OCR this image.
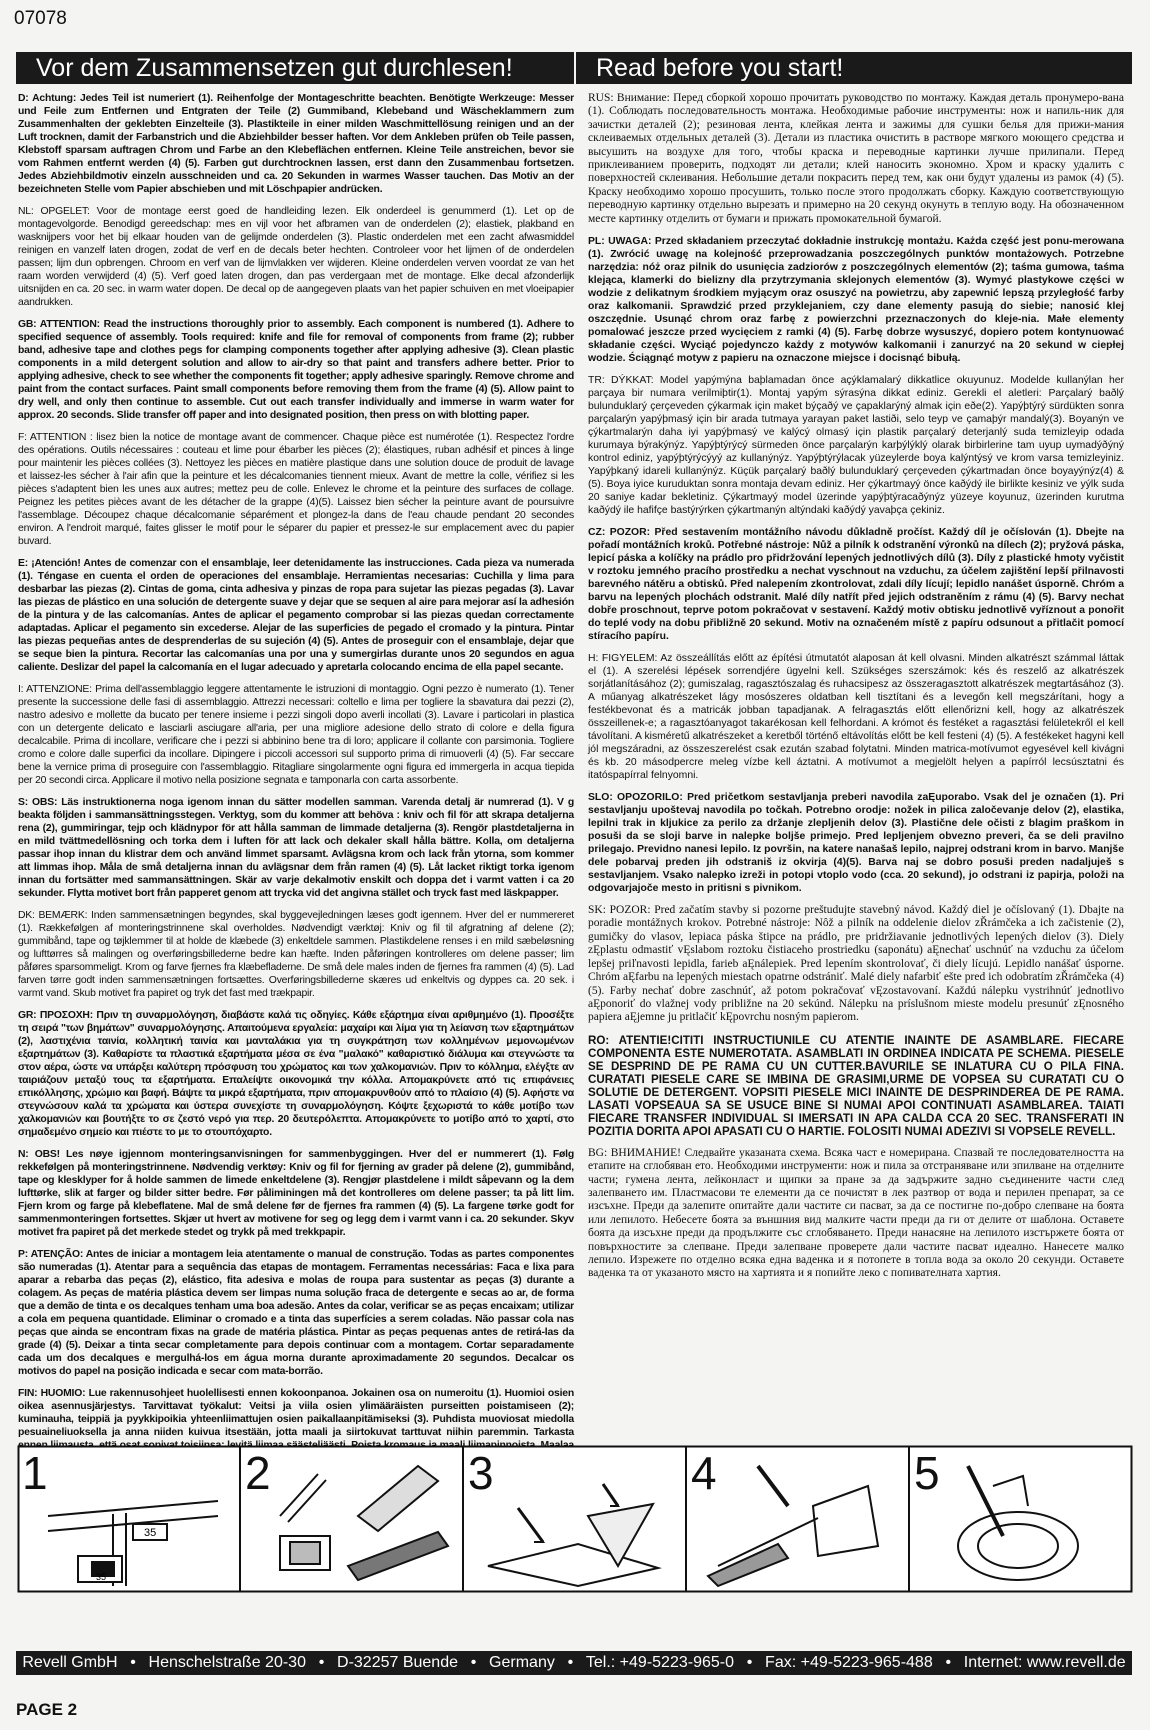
07078
Vor dem Zusammensetzen gut durchlesen!	Read before you start!

D: Achtung: Jedes Teil ist numeriert (1). Reihenfolge der Montageschritte beachten. Benötigte Werkzeuge: Messer und Feile zum Entfernen und Entgraten der Teile (2) Gummiband, Klebeband und Wäscheklammern zum Zusammenhalten der geklebten Einzelteile (3). Plastikteile in einer milden Waschmittellösung reinigen und an der Luft trocknen, damit der Farbanstrich und die Abziehbilder besser haften. Vor dem Ankleben prüfen ob Teile passen, Klebstoff sparsam auftragen Chrom und Farbe an den Klebeflächen entfernen. Kleine Teile anstreichen, bevor sie vom Rahmen entfernt werden (4) (5). Farben gut durchtrocknen lassen, erst dann den Zusammenbau fortsetzen. Jedes Abziehbildmotiv einzeln ausschneiden und ca. 20 Sekunden in warmes Wasser tauchen. Das Motiv an der bezeichneten Stelle vom Papier abschieben und mit Löschpapier andrücken.

NL: OPGELET: Voor de montage eerst goed de handleiding lezen. Elk onderdeel is genummerd (1). Let op de montagevolgorde. Benodigd gereedschap: mes en vijl voor het afbramen van de onderdelen (2); elastiek, plakband en wasknijpers voor het bij elkaar houden van de gelijmde onderdelen (3). Plastic onderdelen met een zacht afwasmiddel reinigen en vanzelf laten drogen, zodat de verf en de decals beter hechten. Controleer voor het lijmen of de onderdelen passen; lijm dun opbrengen. Chroom en verf van de lijmvlakken ver wijderen. Kleine onderdelen verven voordat ze van het raam worden verwijderd (4) (5). Verf goed laten drogen, dan pas verdergaan met de montage. Elke decal afzonderlijk uitsnijden en ca. 20 sec. in warm water dopen. De decal op de aangegeven plaats van het papier schuiven en met vloeipapier aandrukken.

GB: ATTENTION: Read the instructions thoroughly prior to assembly. Each component is numbered (1). Adhere to specified sequence of assembly. Tools required: knife and file for removal of components from frame (2); rubber band, adhesive tape and clothes pegs for clamping components together after applying adhesive (3). Clean plastic components in a mild detergent solution and allow to air-dry so that paint and transfers adhere better. Prior to applying adhesive, check to see whether the components fit together; apply adhesive sparingly. Remove chrome and paint from the contact surfaces. Paint small components before removing them from the frame (4) (5). Allow paint to dry well, and only then continue to assemble. Cut out each transfer individually and immerse in warm water for approx. 20 seconds. Slide transfer off paper and into designated position, then press on with blotting paper.

F: ATTENTION : lisez bien la notice de montage avant de commencer. Chaque pièce est numérotée (1). Respectez l'ordre des opérations. Outils nécessaires : couteau et lime pour ébarber les pièces (2); élastiques, ruban adhésif et pinces à linge pour maintenir les pièces collées (3). Nettoyez les pièces en matière plastique dans une solution douce de produit de lavage et laissez-les sécher à l'air afin que la peinture et les décalcomanies tiennent mieux. Avant de mettre la colle, vérifiez si les pièces s'adaptent bien les unes aux autres; mettez peu de colle. Enlevez le chrome et la peinture des surfaces de collage. Peignez les petites pièces avant de les détacher de la grappe (4)(5). Laissez bien sécher la peinture avant de poursuivre l'assemblage. Découpez chaque décalcomanie séparément et plongez-la dans de l'eau chaude pendant 20 secondes environ. A l'endroit marqué, faites glisser le motif pour le séparer du papier et pressez-le sur emplacement avec du papier buvard.

E: ¡Atención! Antes de comenzar con el ensamblaje, leer detenidamente las instrucciones. Cada pieza va numerada (1). Téngase en cuenta el orden de operaciones del ensamblaje. Herramientas necesarias: Cuchilla y lima para desbarbar las piezas (2). Cintas de goma, cinta adhesiva y pinzas de ropa para sujetar las piezas pegadas (3). Lavar las piezas de plástico en una solución de detergente suave y dejar que se sequen al aire para mejorar así la adhesión de la pintura y de las calcomanías. Antes de aplicar el pegamento comprobar si las piezas quedan correctamente adaptadas. Aplicar el pegamento sin excederse. Alejar de las superficies de pegado el cromado y la pintura. Pintar las piezas pequeñas antes de desprenderlas de su sujeción (4) (5). Antes de proseguir con el ensamblaje, dejar que se seque bien la pintura. Recortar las calcomanías una por una y sumergirlas durante unos 20 segundos en agua caliente. Deslizar del papel la calcomanía en el lugar adecuado y apretarla colocando encima de ella papel secante.

I: ATTENZIONE: Prima dell'assemblaggio leggere attentamente le istruzioni di montaggio. Ogni pezzo è numerato (1). Tener presente la successione delle fasi di assemblaggio. Attrezzi necessari: coltello e lima per togliere la sbavatura dai pezzi (2), nastro adesivo e mollette da bucato per tenere insieme i pezzi singoli dopo averli incollati (3). Lavare i particolari in plastica con un detergente delicato e lasciarli asciugare all'aria, per una migliore adesione dello strato di colore e della figura decalcabile. Prima di incollare, verificare che i pezzi si abbinino bene tra di loro; applicare il collante con parsimonia. Togliere cromo e colore dalle superfici da incollare. Dipingere i piccoli accessori sul supporto prima di rimuoverli (4) (5). Far seccare bene la vernice prima di proseguire con l'assemblaggio. Ritagliare singolarmente ogni figura ed immergerla in acqua tiepida per 20 secondi circa. Applicare il motivo nella posizione segnata e tamponarla con carta assorbente.

S: OBS: Läs instruktionerna noga igenom innan du sätter modellen samman. Varenda detalj är numrerad (1). V g beakta följden i sammansättningsstegen. Verktyg, som du kommer att behöva : kniv och fil för att skrapa detaljerna rena (2), gummiringar, tejp och klädnypor för att hålla samman de limmade detaljerna (3). Rengör plastdetaljerna in en mild tvättmedellösning och torka dem i luften för att lack och dekaler skall hålla bättre. Kolla, om detaljerna passar ihop innan du klistrar dem och använd limmet sparsamt. Avlägsna krom och lack från ytorna, som kommer att limmas ihop. Måla de små detaljerna innan du avlägsnar dem från ramen (4) (5). Låt lacket riktigt torka igenom innan du fortsätter med sammansättningen. Skär av varje dekalmotiv enskilt och doppa det i varmt vatten i ca 20 sekunder. Flytta motivet bort från papperet genom att trycka vid det angivna stället och tryck fast med läskpapper.

DK: BEMÆRK: Inden sammensætningen begyndes, skal byggevejledningen læses godt igennem. Hver del er nummereret (1). Rækkefølgen af monteringstrinnene skal overholdes. Nødvendigt værktøj: Kniv og fil til afgratning af delene (2); gummibånd, tape og tøjklemmer til at holde de klæbede (3) enkeltdele sammen. Plastikdelene renses i en mild sæbeløsning og lufttørres så malingen og overføringsbillederne bedre kan hæfte. Inden påføringen kontrolleres om delene passer; lim påføres sparsommeligt. Krom og farve fjernes fra klæbefladerne. De små dele males inden de fjernes fra rammen (4) (5). Lad farven tørre godt inden sammensætningen fortsættes. Overføringsbillederne skæres ud enkeltvis og dyppes ca. 20 sek. i varmt vand. Skub motivet fra papiret og tryk det fast med trækpapir.

GR: ΠΡΟΣΟΧΗ: Πριν τη συναρμολόγηση, διαβάστε καλά τις οδηγίες. Κάθε εξάρτημα είναι αριθμημένο (1). Προσέξτε τη σειρά "των βημάτων" συναρμολόγησης. Απαιτούμενα εργαλεία: μαχαίρι και λίμα για τη λείανση των εξαρτημάτων (2), λαστιχένια ταινία, κολλητική ταινία και μανταλάκια για τη συγκράτηση των κολλημένων μεμονωμένων εξαρτημάτων (3). Καθαρίστε τα πλαστικά εξαρτήματα μέσα σε ένα "μαλακό" καθαριστικό διάλυμα και στεγνώστε τα στον αέρα, ώστε να υπάρξει καλύτερη πρόσφυση του χρώματος και των χαλκομανιών. Πριν το κόλλημα, ελέγξτε αν ταιριάζουν μεταξύ τους τα εξαρτήματα. Επαλείψτε οικονομικά την κόλλα. Απομακρύνετε από τις επιφάνειες επικόλλησης, χρώμιο και βαφή. Βάψτε τα μικρά εξαρτήματα, πριν απομακρυνθούν από το πλαίσιο (4) (5). Αφήστε να στεγνώσουν καλά τα χρώματα και ύστερα συνεχίστε τη συναρμολόγηση. Κόψτε ξεχωριστά το κάθε μοτίβο των χαλκομανιών και βουτήξτε το σε ζεστό νερό για περ. 20 δευτερόλεπτα. Απομακρύνετε το μοτίβο από το χαρτί, στο σημαδεμένο σημείο και πιέστε το με το στουπόχαρτο.

N: OBS! Les nøye igjennom monteringsanvisningen for sammenbyggingen. Hver del er nummerert (1). Følg rekkefølgen på monteringstrinnene. Nødvendig verktøy: Kniv og fil for fjerning av grader på delene (2), gummibånd, tape og klesklyper for å holde sammen de limede enkeltdelene (3). Rengjør plastdelene i mildt såpevann og la dem lufttørke, slik at farger og bilder sitter bedre. Før påliminingen må det kontrolleres om delene passer; ta på litt lim. Fjern krom og farge på klebeflatene. Mal de små delene før de fjernes fra rammen (4) (5). La fargene tørke godt for sammenmonteringen fortsettes. Skjær ut hvert av motivene for seg og legg dem i varmt vann i ca. 20 sekunder. Skyv motivet fra papiret på det merkede stedet og trykk på med trekkpapir.

P: ATENÇÃO: Antes de iniciar a montagem leia atentamente o manual de construção. Todas as partes componentes são numeradas (1). Atentar para a sequência das etapas de montagem. Ferramentas necessárias: Faca e lixa para aparar a rebarba das peças (2), elástico, fita adesiva e molas de roupa para sustentar as peças (3) durante a colagem. As peças de matéria plástica devem ser limpas numa solução fraca de detergente e secas ao ar, de forma que a demão de tinta e os decalques tenham uma boa adesão. Antes da colar, verificar se as peças encaixam; utilizar a cola em pequena quantidade. Eliminar o cromado e a tinta das superfícies a serem coladas. Não passar cola nas peças que ainda se encontram fixas na grade de matéria plástica. Pintar as peças pequenas antes de retirá-las da grade (4) (5). Deixar a tinta secar completamente para depois continuar com a montagem. Cortar separadamente cada um dos decalques e mergulhá-los em água morna durante aproximadamente 20 segundos. Decalcar os motivos do papel na posição indicada e secar com mata-borrão.

FIN: HUOMIO: Lue rakennusohjeet huolellisesti ennen kokoonpanoa. Jokainen osa on numeroitu (1). Huomioi osien oikea asennusjärjestys. Tarvittavat työkalut: Veitsi ja viila osien ylimääräisten purseitten poistamiseen (2); kuminauha, teippiä ja pyykkipoikia yhteenliimattujen osien paikallaanpitämiseksi (3). Puhdista muoviosat miedolla pesuaineliuoksella ja anna niiden kuivua itsestään, jotta maali ja siirtokuvat tarttuvat niihin paremmin. Tarkasta

RUS: Внимание: Перед сборкой хорошо прочитать руководство по монтажу. Каждая деталь пронумеро-вана (1). Соблюдать последовательность монтажа. Необходимые рабочие инструменты: нож и напиль-ник для зачистки деталей (2); резиновая лента, клейкая лента и зажимы для сушки белья для прижи-мания склеиваемых отдельных деталей (3). Детали из пластика очистить в растворе мягкого моющего средства и высушить на воздухе для того, чтобы краска и переводные картинки лучше прилипали. Перед приклеиванием проверить, подходят ли детали; клей наносить экономно. Хром и краску удалить с поверхностей склеивания. Небольшие детали покрасить перед тем, как они будут удалены из рамок (4) (5). Краску необходимо хорошо просушить, только после этого продолжать сборку. Каждую соответствующую переводную картинку отдельно вырезать и примерно на 20 секунд окунуть в теплую воду. На обозначенном месте картинку отделить от бумаги и прижать промокательной бумагой.

PL: UWAGA: Przed składaniem przeczytać dokładnie instrukcję montażu. Każda część jest ponu-merowana (1). Zwrócić uwagę na kolejność przeprowadzania poszczególnych punktów montażowych. Potrzebne narzędzia: nóż oraz pilnik do usunięcia zadziorów z poszczególnych elementów (2); taśma gumowa, taśma klejąca, klamerki do bielizny dla przytrzymania sklejonych elementów (3). Wymyć plastykowe części w wodzie z delikatnym środkiem myjącym oraz osuszyć na powietrzu, aby zapewnić lepszą przyległość farby oraz kalkomanii. Sprawdzić przed przyklejaniem, czy dane elementy pasują do siebie; nanosić klej oszczędnie. Usunąć chrom oraz farbę z powierzchni przeznaczonych do kleje-nia. Małe elementy pomalować jeszcze przed wycięciem z ramki (4) (5). Farbę dobrze wysuszyć, dopiero potem kontynuować składanie części. Wyciąć pojedynczo każdy z motywów kalkomanii i zanurzyć na 20 sekund w ciepłej wodzie. Ściągnąć motyw z papieru na oznaczone miejsce i docisnąć bibułą.

TR: DÝKKAT: Model yapýmýna baþlamadan önce açýklamalarý dikkatlice okuyunuz. Modelde kullanýlan her parçaya bir numara verilmiþtir(1). Montaj yapým sýrasýna dikkat ediniz. Gerekli el aletleri: Parçalarý baðlý bulunduklarý çerçeveden çýkarmak için maket býçaðý ve çapaklarýný almak için eðe(2). Yapýþtýrý sürdükten sonra parçalarýn yapýþmasý için bir arada tutmaya yarayan paket lastiði, selo teyp ve çamaþýr mandalý(3). Boyanýn ve çýkartmalarýn daha iyi yapýþmasý ve kalýcý olmasý için plastik parçalarý deterjanlý suda temizleyip odada kurumaya býrakýnýz. Yapýþtýrýcý sürmeden önce parçalarýn karþýlýklý olarak birbirlerine tam uyup uymadýðýný kontrol ediniz, yapýþtýrýcýyý az kullanýnýz. Yapýþtýrýlacak yüzeylerde boya kalýntýsý ve krom varsa temizleyiniz. Yapýþkaný idareli kullanýnýz. Küçük parçalarý baðlý bulunduklarý çerçeveden çýkartmadan önce boyayýnýz(4) & (5). Boya iyice kuruduktan sonra montaja devam ediniz. Her çýkartmayý önce kaðýdý ile birlikte kesiniz ve yýlk suda 20 saniye kadar bekletiniz. Çýkartmayý model üzerinde yapýþtýracaðýnýz yüzeye koyunuz, üzerinden kurutma kaðýdý ile hafifçe bastýrýrken çýkartmanýn altýndaki kaðýdý yavaþça çekiniz.

CZ: POZOR: Před sestavením montážního návodu důkladně pročíst. Každý díl je očíslován (1). Dbejte na pořadí montážních kroků. Potřebné nástroje: Nůž a pilník k odstranění výronků na dílech (2); pryžová páska, lepicí páska a kolíčky na prádlo pro přidržování lepených jednotlivých dílů (3). Díly z plastické hmoty vyčistit v roztoku jemného pracího prostředku a nechat vyschnout na vzduchu, za účelem zajištění lepší přilnavosti barevného nátěru a obtisků. Před nalepením zkontrolovat, zdali díly lícují; lepidlo nanášet úsporně. Chróm a barvu na lepených plochách odstranit. Malé díly natřít před jejich odstraněním z rámu (4) (5). Barvy nechat dobře proschnout, teprve potom pokračovat v sestavení. Každý motiv obtisku jednotlivě vyříznout a ponořit do teplé vody na dobu přibližně 20 sekund. Motiv na označeném místě z papíru odsunout a přitlačit pomocí stíracího papíru.

H: FIGYELEM: Az összeállítás előtt az építési útmutatót alaposan át kell olvasni. Minden alkatrészt számmal láttak el (1). A szerelési lépések sorrendjére ügyelni kell. Szükséges szerszámok: kés és reszelő az alkatrészek sorjátlanításához (2); gumiszalag, ragasztószalag és ruhacsipesz az összeragasztott alkatrészek megtartásához (3). A műanyag alkatrészeket lágy mosószeres oldatban kell tisztítani és a levegőn kell megszárítani, hogy a festékbevonat és a matricák jobban tapadjanak. A felragasztás előtt ellenőrizni kell, hogy az alkatrészek összeillenek-e; a ragasztóanyagot takarékosan kell felhordani. A krómot és festéket a ragasztási felületekről el kell távolítani. A kisméretű alkatrészeket a keretből történő eltávolítás előtt be kell festeni (4) (5). A festékeket hagyni kell jól megszáradni, az összeszerelést csak ezután szabad folytatni. Minden matrica-motívumot egyesével kell kivágni és kb. 20 másodpercre meleg vízbe kell áztatni. A motívumot a megjelölt helyen a papírról lecsúsztatni és itatóspapírral felnyomni.

SLO: OPOZORILO: Pred pričetkom sestavljanja preberi navodila zaĘuporabo. Vsak del je označen (1). Pri sestavljanju upoštevaj navodila po točkah. Potrebno orodje: nožek in pilica zaločevanje delov (2), elastika, lepilni trak in kljukice za perilo za držanje zlepljenih delov (3). Plastične dele očisti z blagim praškom in posuši da se sloji barve in nalepke boljše primejo. Pred lepljenjem obvezno preveri, ča se deli pravilno prilegajo. Previdno nanesi lepilo. Iz površin, na katere nanašaš lepilo, najprej odstrani krom in barvo. Manjše dele pobarvaj preden jih odstraniš iz okvirja (4)(5). Barva naj se dobro posuši preden nadaljuješ s sestavljanjem. Vsako nalepko izreži in potopi vtoplo vodo (cca. 20 sekund), jo odstrani iz papirja, položi na odgovarjajoče mesto in pritisni s pivnikom.

SK: POZOR: Pred začatím stavby si pozorne preštudujte stavebný návod. Každý diel je očíslovaný (1). Dbajte na poradie montážnych krokov. Potrebné nástroje: Nôž a pilník na oddelenie dielov zŘrámčeka a ich začistenie (2), gumičky do vlasov, lepiaca páska štipce na prádlo, pre pridržiavanie jednotlivých lepených dielov (3). Diely zĘplastu odmastiť vĘslabom roztoku čistiaceho prostriedku (saponátu) aĘnechať uschnúť na vzduchu za účelom lepšej priľnavosti lepidla, farieb aĘnálepiek. Pred lepením skontrolovať, či diely lícujú. Lepidlo nanášať úsporne. Chróm aĘfarbu na lepených miestach opatrne odstrániť. Malé diely nafarbiť ešte pred ich odobratím zŘrámčeka (4) (5). Farby nechať dobre zaschnúť, až potom pokračovať vĘzostavovaní. Každú nálepku vystrihnúť jednotlivo aĘponoriť do vlažnej vody približne na 20 sekúnd. Nálepku na príslušnom mieste modelu presunúť zĘnosného papiera aĘjemne ju pritlačiť kĘpovrchu nosným papierom.

RO: ATENTIE!CITITI INSTRUCTIUNILE CU ATENTIE INAINTE DE ASAMBLARE. FIECARE COMPONENTA ESTE NUMEROTATA. ASAMBLATI IN ORDINEA INDICATA PE SCHEMA. PIESELE SE DESPRIND DE PE RAMA CU UN CUTTER.BAVURILE SE INLATURA CU O PILA FINA. CURATATI PIESELE CARE SE IMBINA DE GRASIMI,URME DE VOPSEA SU CURATATI CU O SOLUTIE DE DETERGENT. VOPSITI PIESELE MICI INAINTE DE DESPRINDEREA DE PE RAMA. LASATI VOPSEAUA SA SE USUCE BINE SI NUMAI APOI CONTINUATI ASAMBLAREA. TAIATI FIECARE TRANSFER INDIVIDUAL SI IMERSATI IN APA CALDA CCA 20 SEC. TRANSFERATI IN POZITIA DORITA APOI APASATI CU O HARTIE. FOLOSITI NUMAI ADEZIVI SI VOPSELE REVELL.

BG: ВНИМАНИЕ! Следвайте указаната схема. Всяка част е номерирана. Спазвай те последователността на етапите на сглобяван ето. Необходими инструменти: нож и пила за отстраняване или зпилване на отделните части; гумена лента, лейконласт и щипки за пране за да задържите задно съединените части след залепването им. Пластмасови те елементи да се почистят в лек разтвор от вода и перилен препарат, за се изсъхне. Преди да залепите опитайте дали частите си пасват, за да се постигне по-добро слепване на боята или лепилото. Небесете боята за външния вид малките части преди да ги от делите от шаблона. Оставете боята да изсъхне преди да продължите със сглобяването. Преди нанасяне на лепилото изстържете боята от повърхностите за слепване. Преди залепване проверете дали частите пасват идеално. Нанесете малко лепило. Изрежете по отделно всяка една ваденка и я потопете в топла вода за около 20 секунди. Оставете ваденка та от указаното място на хартията и я попийте леко с попивателната хартия.

35
35
1	2	3	4	5
Revell GmbH • Henschelstraße 20-30 • D-32257 Buende • Germany • Tel.: +49-5223-965-0 • Fax: +49-5223-965-488 • Internet: www.revell.de
PAGE 2
